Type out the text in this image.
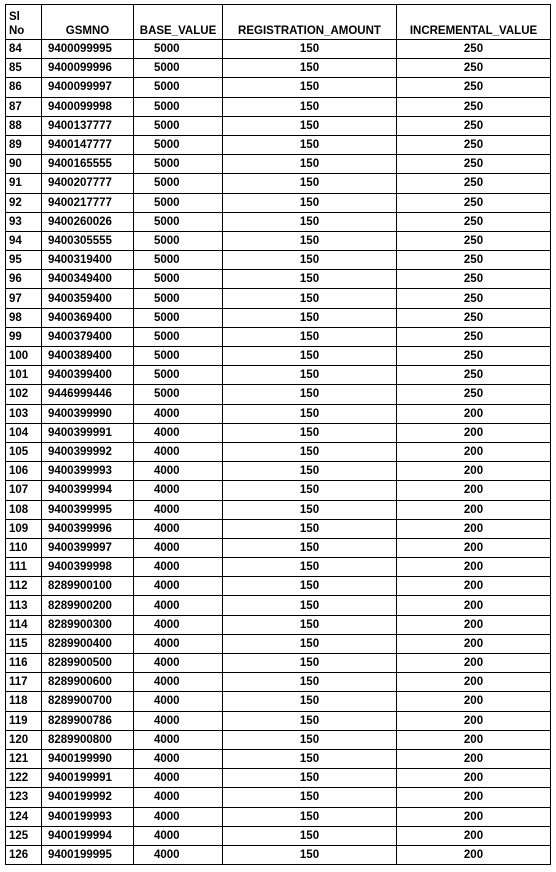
Sl No	GSMNO	BASE_VALUE	REGISTRATION_AMOUNT	INCREMENTAL_VALUE
84	9400099995	5000	150	250
85	9400099996	5000	150	250
86	9400099997	5000	150	250
87	9400099998	5000	150	250
88	9400137777	5000	150	250
89	9400147777	5000	150	250
90	9400165555	5000	150	250
91	9400207777	5000	150	250
92	9400217777	5000	150	250
93	9400260026	5000	150	250
94	9400305555	5000	150	250
95	9400319400	5000	150	250
96	9400349400	5000	150	250
97	9400359400	5000	150	250
98	9400369400	5000	150	250
99	9400379400	5000	150	250
100	9400389400	5000	150	250
101	9400399400	5000	150	250
102	9446999446	5000	150	250
103	9400399990	4000	150	200
104	9400399991	4000	150	200
105	9400399992	4000	150	200
106	9400399993	4000	150	200
107	9400399994	4000	150	200
108	9400399995	4000	150	200
109	9400399996	4000	150	200
110	9400399997	4000	150	200
111	9400399998	4000	150	200
112	8289900100	4000	150	200
113	8289900200	4000	150	200
114	8289900300	4000	150	200
115	8289900400	4000	150	200
116	8289900500	4000	150	200
117	8289900600	4000	150	200
118	8289900700	4000	150	200
119	8289900786	4000	150	200
120	8289900800	4000	150	200
121	9400199990	4000	150	200
122	9400199991	4000	150	200
123	9400199992	4000	150	200
124	9400199993	4000	150	200
125	9400199994	4000	150	200
126	9400199995	4000	150	200
